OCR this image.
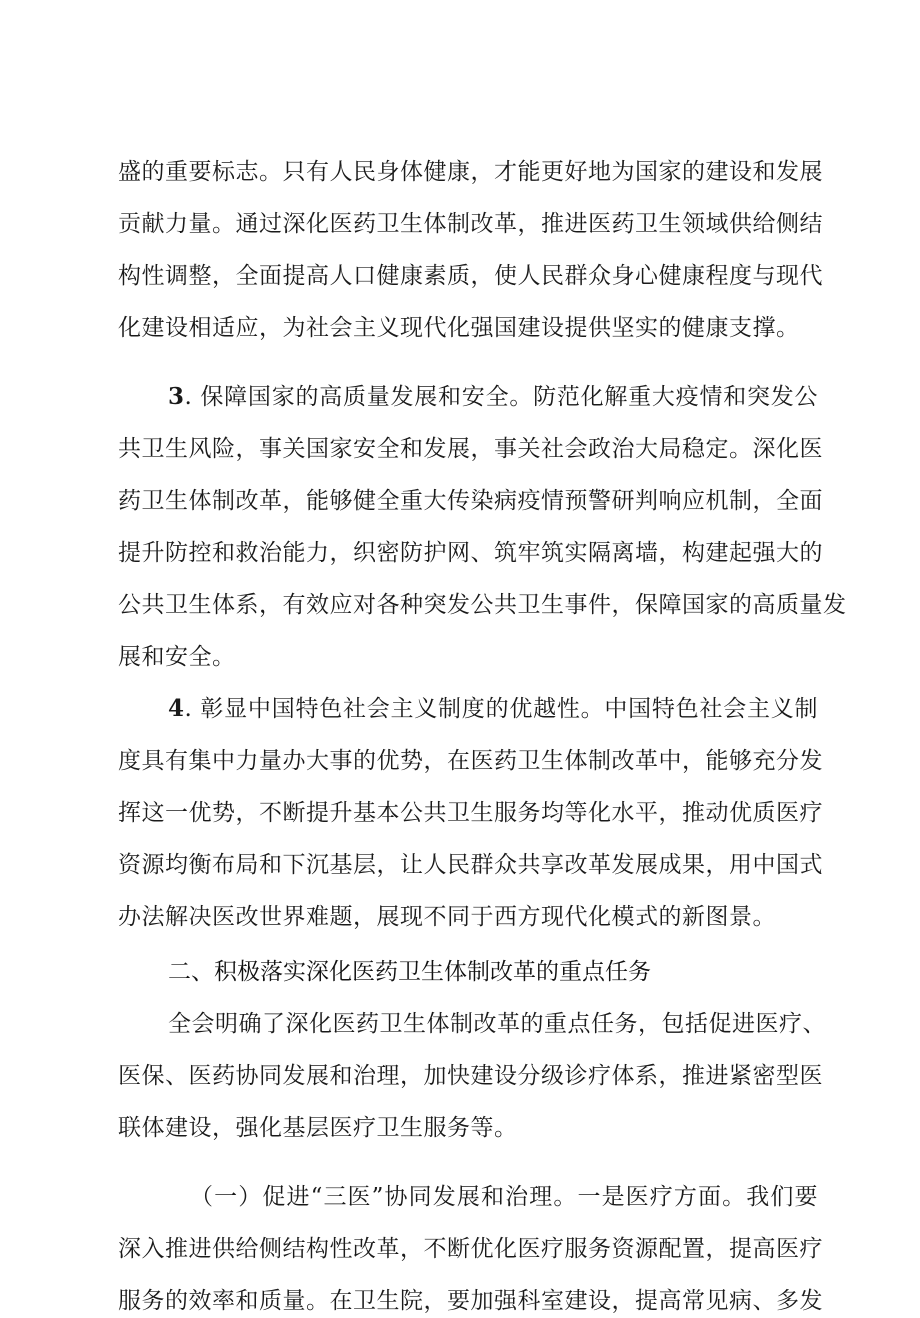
盛的重要标志。只有人民身体健康，才能更好地为国家的建设和发展
贡献力量。通过深化医药卫生体制改革，推进医药卫生领域供给侧结
构性调整，全面提高人口健康素质，使人民群众身心健康程度与现代
化建设相适应，为社会主义现代化强国建设提供坚实的健康支撑。
3. 保障国家的高质量发展和安全。防范化解重大疫情和突发公
共卫生风险，事关国家安全和发展，事关社会政治大局稳定。深化医
药卫生体制改革，能够健全重大传染病疫情预警研判响应机制，全面
提升防控和救治能力，织密防护网、筑牢筑实隔离墙，构建起强大的
公共卫生体系，有效应对各种突发公共卫生事件，保障国家的高质量发
展和安全。
4. 彰显中国特色社会主义制度的优越性。中国特色社会主义制
度具有集中力量办大事的优势，在医药卫生体制改革中，能够充分发
挥这一优势，不断提升基本公共卫生服务均等化水平，推动优质医疗
资源均衡布局和下沉基层，让人民群众共享改革发展成果，用中国式
办法解决医改世界难题，展现不同于西方现代化模式的新图景。
二、积极落实深化医药卫生体制改革的重点任务
全会明确了深化医药卫生体制改革的重点任务，包括促进医疗、
医保、医药协同发展和治理，加快建设分级诊疗体系，推进紧密型医
联体建设，强化基层医疗卫生服务等。
（一）促进“三医”协同发展和治理。一是医疗方面。我们要
深入推进供给侧结构性改革，不断优化医疗服务资源配置，提高医疗
服务的效率和质量。在卫生院，要加强科室建设，提高常见病、多发
